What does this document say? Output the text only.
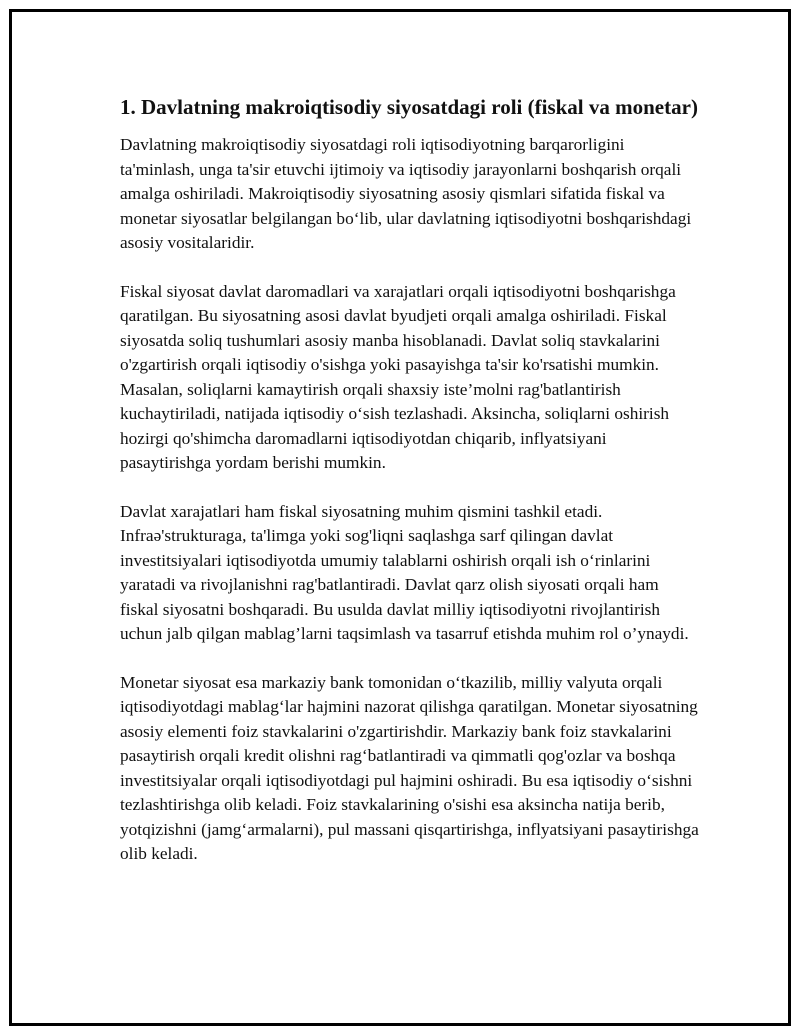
1. Davlatning makroiqtisodiy siyosatdagi roli (fiskal va monetar)

Davlatning makroiqtisodiy siyosatdagi roli iqtisodiyotning barqarorligini ta'minlash, unga ta'sir etuvchi ijtimoiy va iqtisodiy jarayonlarni boshqarish orqali amalga oshiriladi. Makroiqtisodiy siyosatning asosiy qismlari sifatida fiskal va monetar siyosatlar belgilangan bo‘lib, ular davlatning iqtisodiyotni boshqarishdagi asosiy vositalaridir.

Fiskal siyosat davlat daromadlari va xarajatlari orqali iqtisodiyotni boshqarishga qaratilgan. Bu siyosatning asosi davlat byudjeti orqali amalga oshiriladi. Fiskal siyosatda soliq tushumlari asosiy manba hisoblanadi. Davlat soliq stavkalarini o'zgartirish orqali iqtisodiy o'sishga yoki pasayishga ta'sir ko'rsatishi mumkin. Masalan, soliqlarni kamaytirish orqali shaxsiy iste’molni rag'batlantirish kuchaytiriladi, natijada iqtisodiy o‘sish tezlashadi. Aksincha, soliqlarni oshirish hozirgi qo'shimcha daromadlarni iqtisodiyotdan chiqarib, inflyatsiyani pasaytirishga yordam berishi mumkin.

Davlat xarajatlari ham fiskal siyosatning muhim qismini tashkil etadi. Infraə'strukturaga, ta'limga yoki sog'liqni saqlashga sarf qilingan davlat investitsiyalari iqtisodiyotda umumiy talablarni oshirish orqali ish o‘rinlarini yaratadi va rivojlanishni rag'batlantiradi. Davlat qarz olish siyosati orqali ham fiskal siyosatni boshqaradi. Bu usulda davlat milliy iqtisodiyotni rivojlantirish uchun jalb qilgan mablag’larni taqsimlash va tasarruf etishda muhim rol o’ynaydi.

Monetar siyosat esa markaziy bank tomonidan o‘tkazilib, milliy valyuta orqali iqtisodiyotdagi mablag‘lar hajmini nazorat qilishga qaratilgan. Monetar siyosatning asosiy elementi foiz stavkalarini o'zgartirishdir. Markaziy bank foiz stavkalarini pasaytirish orqali kredit olishni rag‘batlantiradi va qimmatli qog'ozlar va boshqa investitsiyalar orqali iqtisodiyotdagi pul hajmini oshiradi. Bu esa iqtisodiy o‘sishni tezlashtirishga olib keladi. Foiz stavkalarining o'sishi esa aksincha natija berib, yotqizishni (jamg‘armalarni), pul massani qisqartirishga, inflyatsiyani pasaytirishga olib keladi.
